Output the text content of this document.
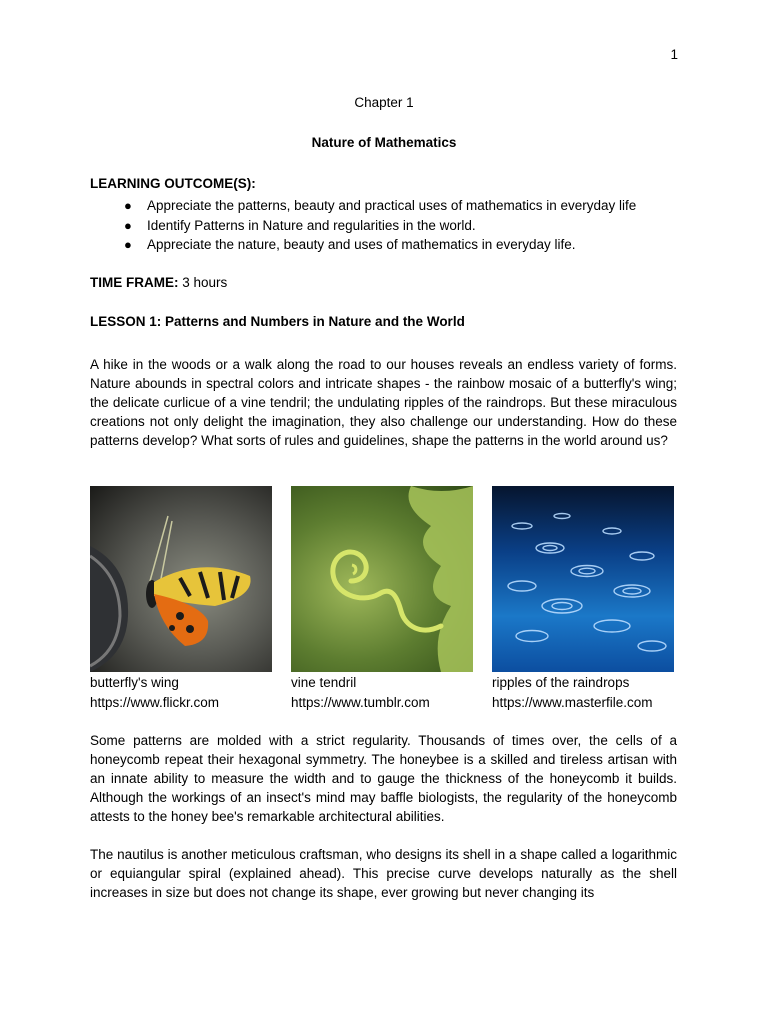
1
Chapter 1
Nature of Mathematics
LEARNING OUTCOME(S):
● Appreciate the patterns, beauty and practical uses of mathematics in everyday life
● Identify Patterns in Nature and regularities in the world.
● Appreciate the nature, beauty and uses of mathematics in everyday life.
TIME FRAME: 3 hours
LESSON 1: Patterns and Numbers in Nature and the World

A hike in the woods or a walk along the road to our houses reveals an endless variety of forms. Nature abounds in spectral colors and intricate shapes - the rainbow mosaic of a butterfly's wing; the delicate curlicue of a vine tendril; the undulating ripples of the raindrops. But these miraculous creations not only delight the imagination, they also challenge our understanding. How do these patterns develop? What sorts of rules and guidelines, shape the patterns in the world around us?

butterfly's wing
https://www.flickr.com
vine tendril
https://www.tumblr.com
ripples of the raindrops
https://www.masterfile.com

Some patterns are molded with a strict regularity. Thousands of times over, the cells of a honeycomb repeat their hexagonal symmetry. The honeybee is a skilled and tireless artisan with an innate ability to measure the width and to gauge the thickness of the honeycomb it builds. Although the workings of an insect's mind may baffle biologists, the regularity of the honeycomb attests to the honey bee's remarkable architectural abilities.

The nautilus is another meticulous craftsman, who designs its shell in a shape called a logarithmic or equiangular spiral (explained ahead). This precise curve develops naturally as the shell increases in size but does not change its shape, ever growing but never changing its
